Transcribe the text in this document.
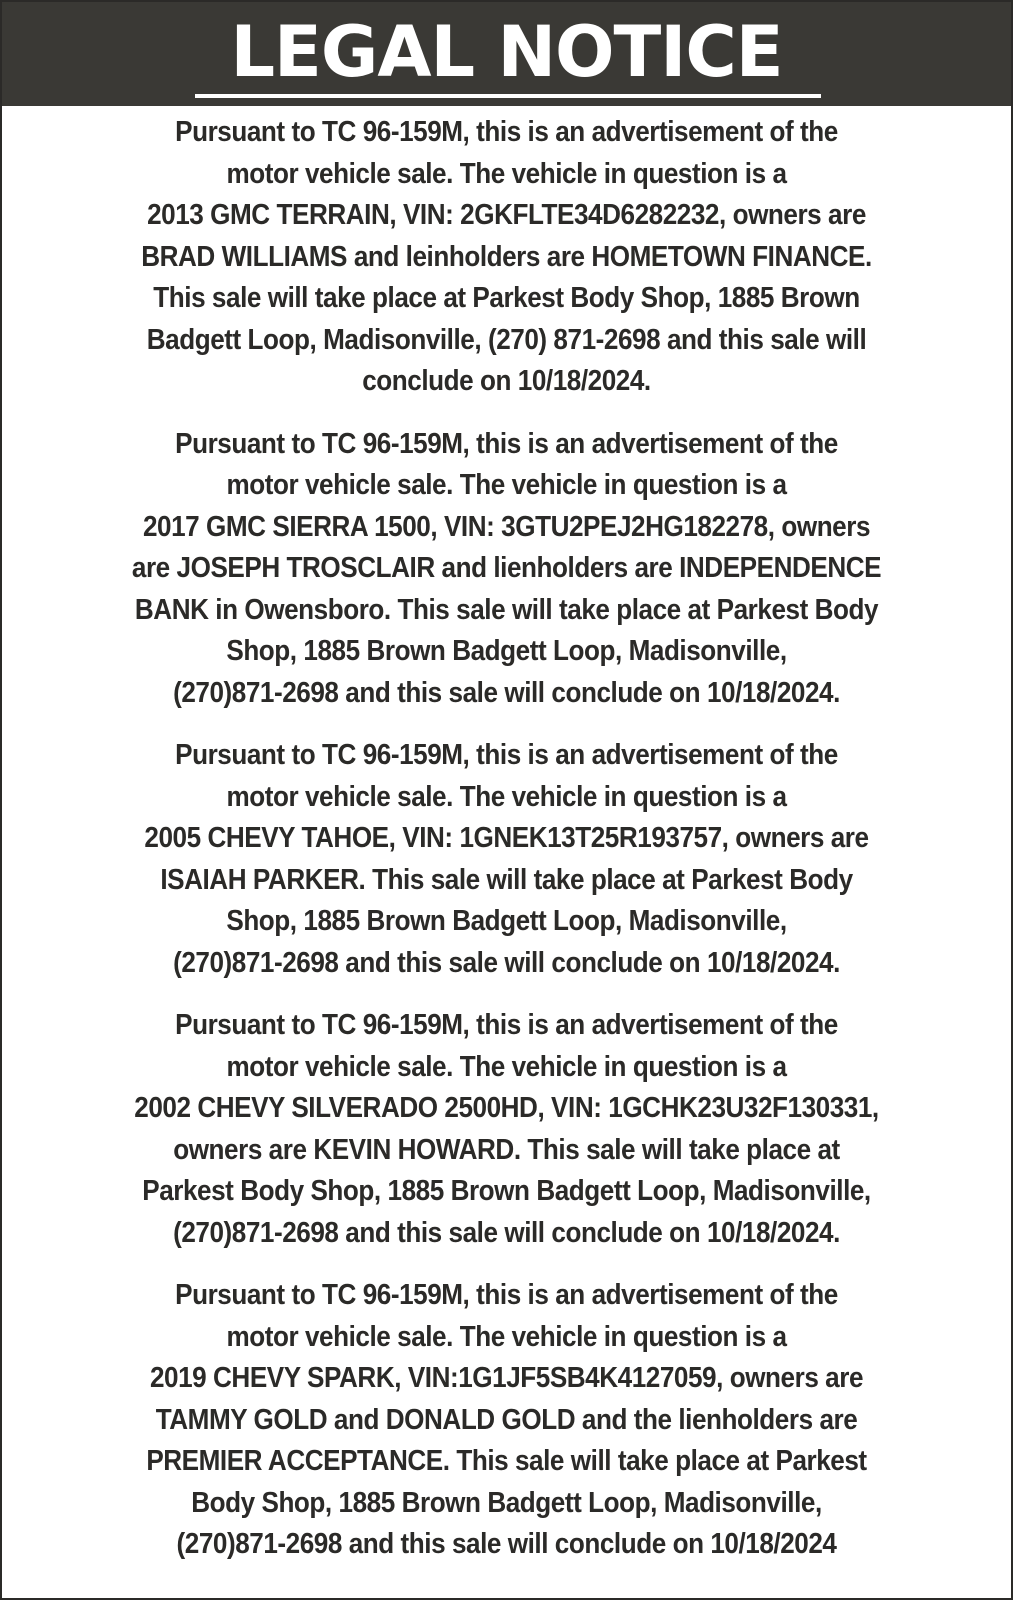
LEGAL NOTICE
Pursuant to TC 96-159M, this is an advertisement of the
motor vehicle sale. The vehicle in question is a
2013 GMC TERRAIN, VIN: 2GKFLTE34D6282232, owners are
BRAD WILLIAMS and leinholders are HOMETOWN FINANCE.
This sale will take place at Parkest Body Shop, 1885 Brown
Badgett Loop, Madisonville, (270) 871-2698 and this sale will
conclude on 10/18/2024.
Pursuant to TC 96-159M, this is an advertisement of the
motor vehicle sale. The vehicle in question is a
2017 GMC SIERRA 1500, VIN: 3GTU2PEJ2HG182278, owners
are JOSEPH TROSCLAIR and lienholders are INDEPENDENCE
BANK in Owensboro. This sale will take place at Parkest Body
Shop, 1885 Brown Badgett Loop, Madisonville,
(270)871-2698 and this sale will conclude on 10/18/2024.
Pursuant to TC 96-159M, this is an advertisement of the
motor vehicle sale. The vehicle in question is a
2005 CHEVY TAHOE, VIN: 1GNEK13T25R193757, owners are
ISAIAH PARKER. This sale will take place at Parkest Body
Shop, 1885 Brown Badgett Loop, Madisonville,
(270)871-2698 and this sale will conclude on 10/18/2024.
Pursuant to TC 96-159M, this is an advertisement of the
motor vehicle sale. The vehicle in question is a
2002 CHEVY SILVERADO 2500HD, VIN: 1GCHK23U32F130331,
owners are KEVIN HOWARD. This sale will take place at
Parkest Body Shop, 1885 Brown Badgett Loop, Madisonville,
(270)871-2698 and this sale will conclude on 10/18/2024.
Pursuant to TC 96-159M, this is an advertisement of the
motor vehicle sale. The vehicle in question is a
2019 CHEVY SPARK, VIN:1G1JF5SB4K4127059, owners are
TAMMY GOLD and DONALD GOLD and the lienholders are
PREMIER ACCEPTANCE. This sale will take place at Parkest
Body Shop, 1885 Brown Badgett Loop, Madisonville,
(270)871-2698 and this sale will conclude on 10/18/2024
